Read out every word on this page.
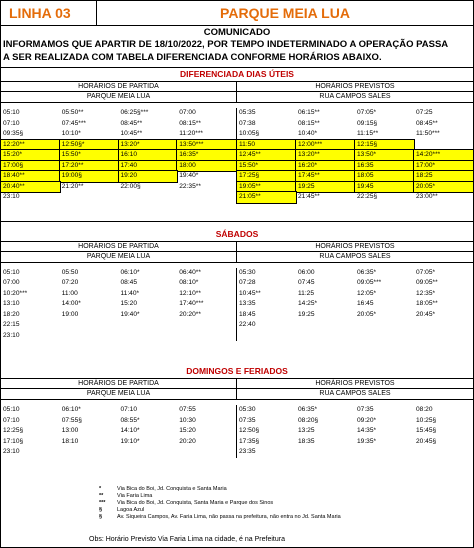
LINHA 03	PARQUE MEIA LUA
COMUNICADO
INFORMAMOS QUE APARTIR DE 18/10/2022, POR TEMPO INDETERMINADO A OPERAÇÃO PASSA
A SER REALIZADA COM TABELA DIFERENCIADA CONFORME HORÁRIOS ABAIXO.
DIFERENCIADA DIAS ÚTEIS
HORÁRIOS DE PARTIDA
PARQUE MEIA LUA
HORÁRIOS PREVISTOS
RUA CAMPOS SALES
05:10	05:50**	06:25§***	07:00
07:10	07:45***	08:45**	08:15**
09:35§	10:10*	10:45**	11:20***
12:20**	12:50§*	13:20*	13:50***
15:20*	15:50*	16:10	16:35*
17:00§	17:20**	17:40	18:00
18:40**	19:00§	19:20	19:40*
20:40**	21:20**	22:00§	22:35**
23:10
05:35	06:15**	07:05*	07:25
07:38	08:15**	09:15§	08:45**
10:05§	10:40*	11:15**	11:50***
11:50	12:00***	12:15§
12:45**	13:20**	13:50*	14:20***
15:50*	16:20*	16:35	17:00*
17:25§	17:45**	18:05	18:25
19:05**	19:25	19:45	20:05*
21:05**	21:45**	22:25§	23:00**
SÁBADOS
HORÁRIOS DE PARTIDA
PARQUE MEIA LUA
HORÁRIOS PREVISTOS
RUA CAMPOS SALES
05:10	05:50	06:10*	06:40**
07:00	07:20	08:45	08:10*
10:20***	11:00	11:40*	12:10**
13:10	14:00*	15:20	17:40***
18:20	19:00	19:40*	20:20**
22:15
23:10
05:30	06:00	06:35*	07:05*
07:28	07:45	09:05***	09:05**
10:45**	11:25	12:05*	12:35*
13:35	14:25*	16:45	18:05**
18:45	19:25	20:05*	20:45*
22:40
DOMINGOS E FERIADOS
HORÁRIOS DE PARTIDA
PARQUE MEIA LUA
HORÁRIOS PREVISTOS
RUA CAMPOS SALES
05:10	06:10*	07:10	07:55
07:10	07:55§	08:55*	10:30
12:25§	13:00	14:10*	15:20
17:10§	18:10	19:10*	20:20
23:10
05:30	06:35*	07:35	08:20
07:35	08:20§	09:20*	10:25§
12:50§	13:25	14:35*	15:45§
17:35§	18:35	19:35*	20:45§
23:35
*	Via Bica do Boi, Jd. Conquista e Santa Maria
**	Via Faria Lima
***	Via Bica do Boi, Jd. Conquista, Santa Maria e Parque dos Sinos
§	Lagoa Azul
§	Av. Siqueira Campos, Av. Faria Lima, não passa na prefeitura, não entra no Jd. Santa Maria
Obs: Horário Previsto Via Faria Lima na cidade, é na Prefeitura
